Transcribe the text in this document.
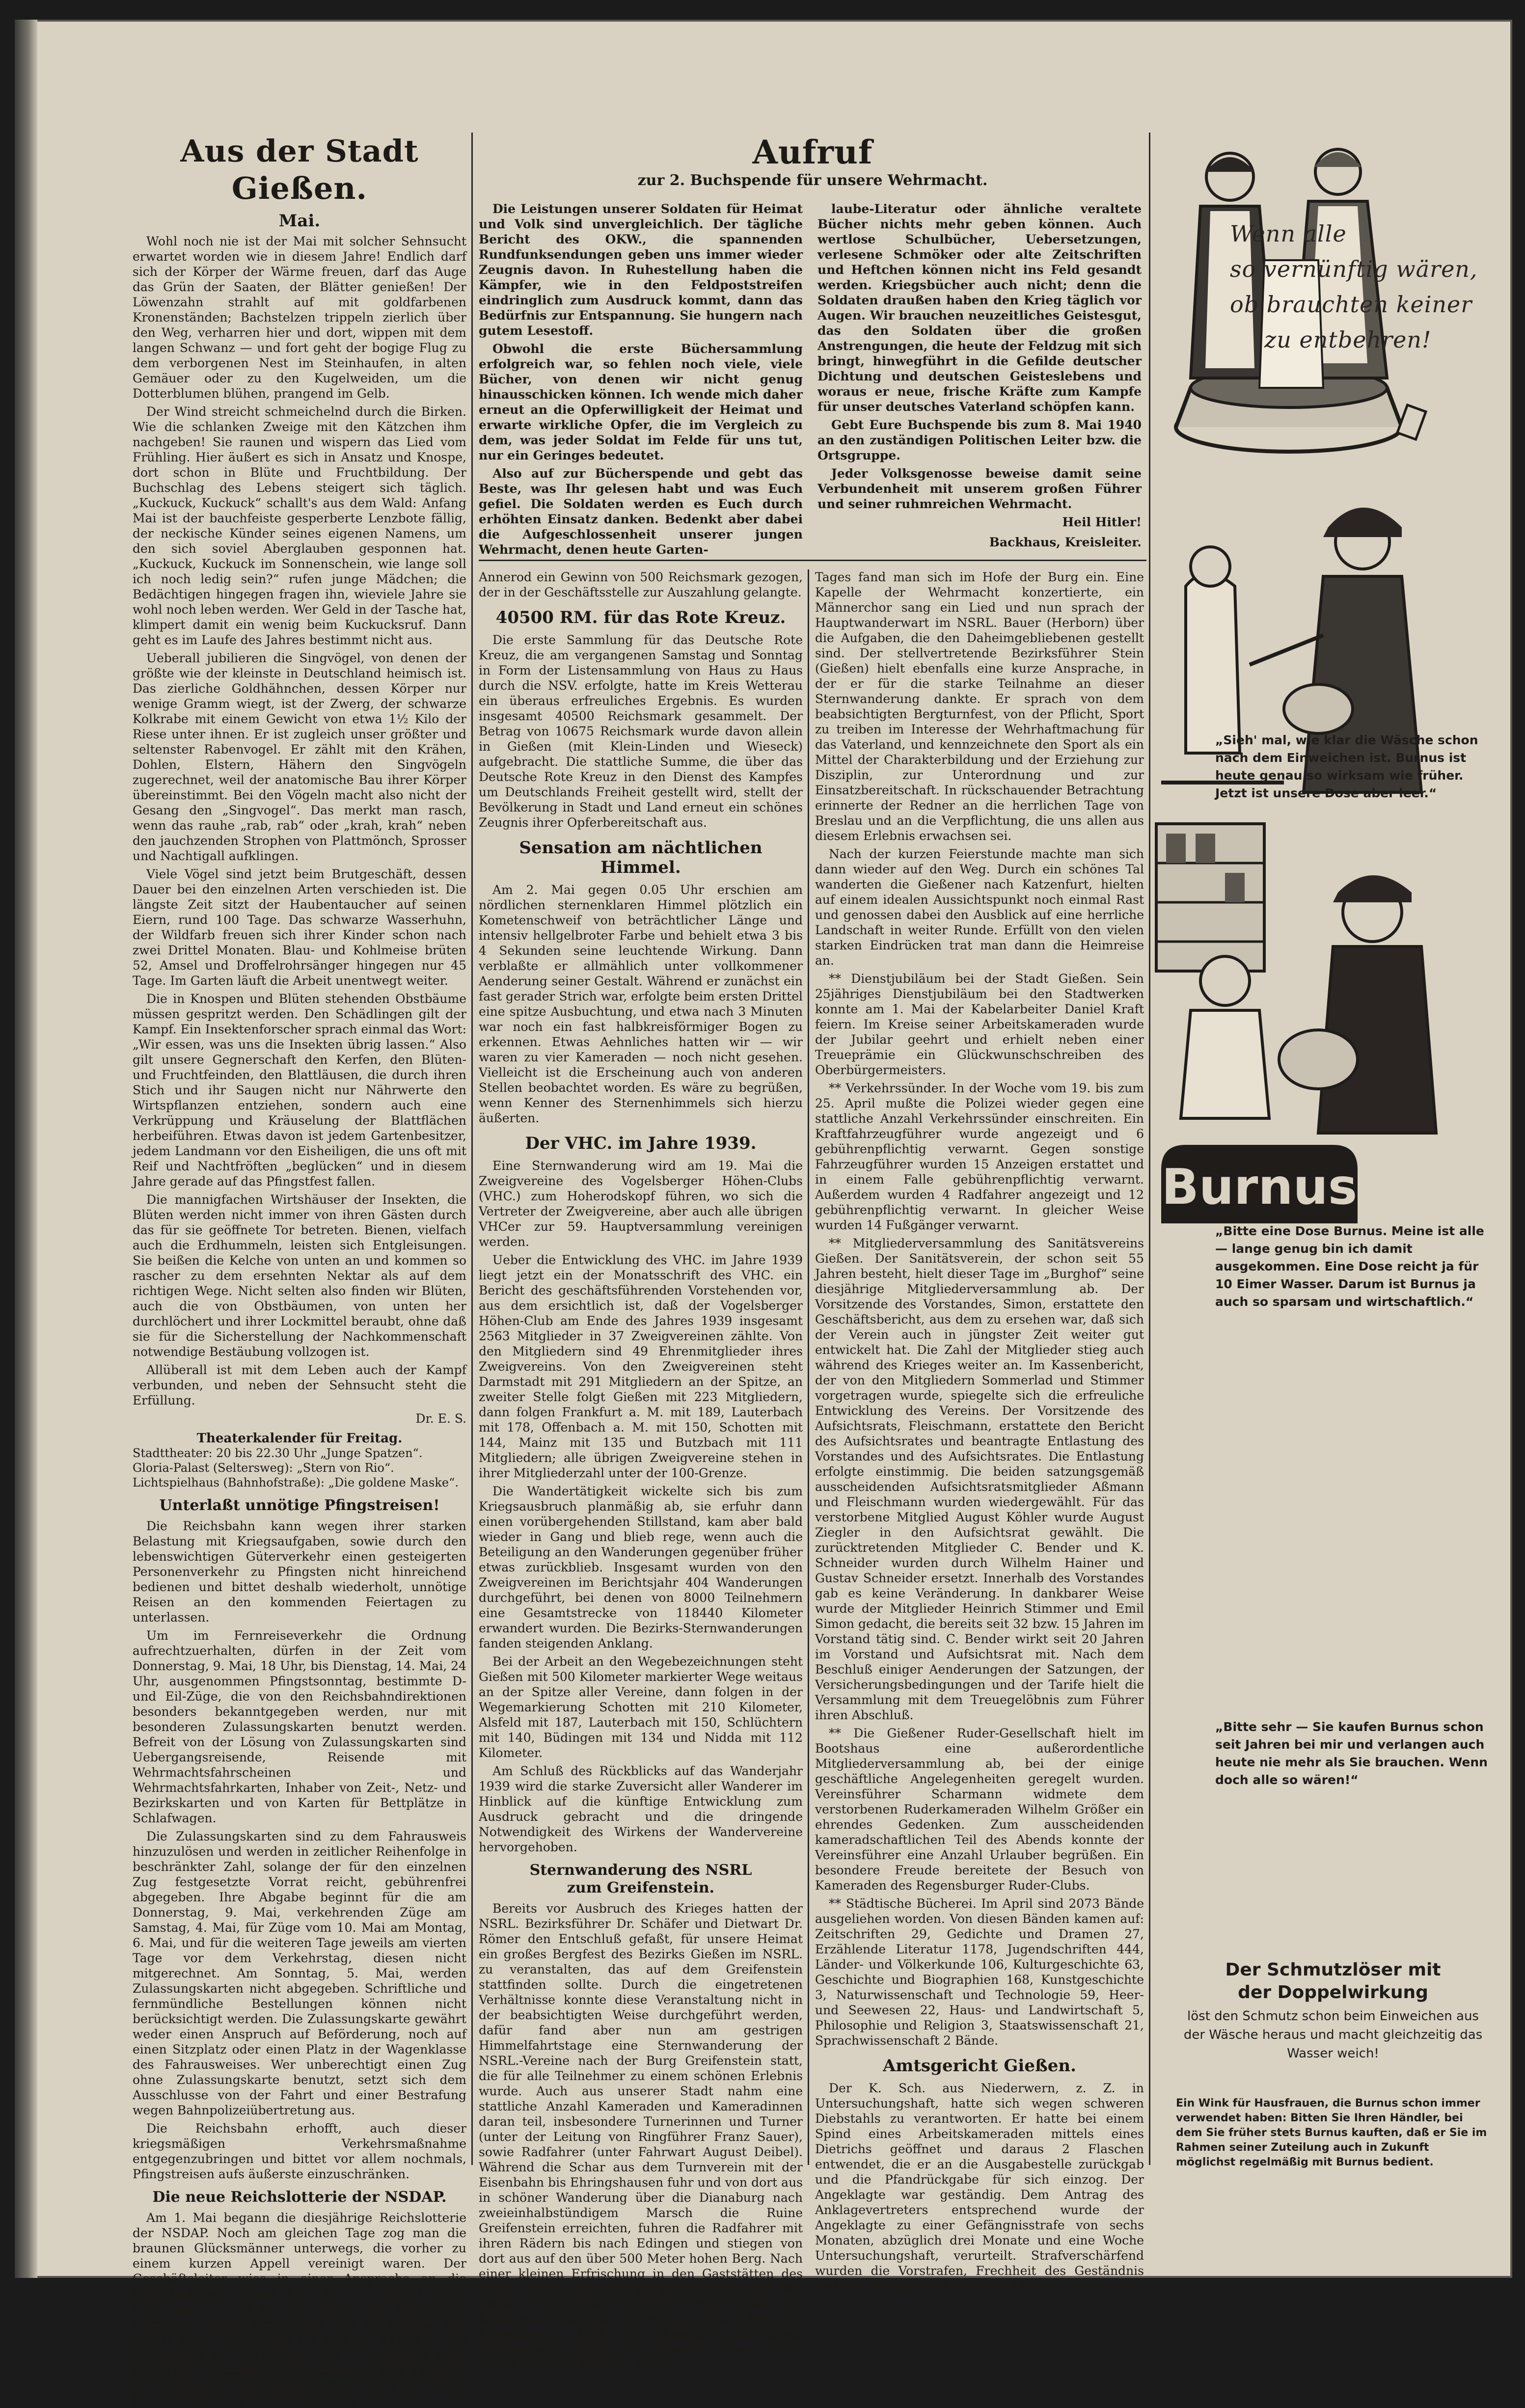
Aus der Stadt Gießen.
Mai.

Wohl noch nie ist der Mai mit solcher Sehnsucht erwartet worden wie in diesem Jahre! Endlich darf sich der Körper der Wärme freuen, darf das Auge das Grün der Saaten, der Blätter genießen! Der Löwenzahn strahlt auf mit goldfarbenen Kronenständen; Bachstelzen trippeln zierlich über den Weg, verharren hier und dort, wippen mit dem langen Schwanz — und fort geht der bogige Flug zu dem verborgenen Nest im Steinhaufen, in alten Gemäuer oder zu den Kugelweiden, um die Dotterblumen blühen, prangend im Gelb.

Der Wind streicht schmeichelnd durch die Birken. Wie die schlanken Zweige mit den Kätzchen ihm nachgeben! Sie raunen und wispern das Lied vom Frühling. Hier äußert es sich in Ansatz und Knospe, dort schon in Blüte und Fruchtbildung. Der Buchschlag des Lebens steigert sich täglich. „Kuckuck, Kuckuck“ schallt's aus dem Wald: Anfang Mai ist der bauchfeiste gesperberte Lenzbote fällig, der neckische Künder seines eigenen Namens, um den sich soviel Aberglauben gesponnen hat. „Kuckuck, Kuckuck im Sonnenschein, wie lange soll ich noch ledig sein?“ rufen junge Mädchen; die Bedächtigen hingegen fragen ihn, wieviele Jahre sie wohl noch leben werden. Wer Geld in der Tasche hat, klimpert damit ein wenig beim Kuckucksruf. Dann geht es im Laufe des Jahres bestimmt nicht aus.

Ueberall jubilieren die Singvögel, von denen der größte wie der kleinste in Deutschland heimisch ist. Das zierliche Goldhähnchen, dessen Körper nur wenige Gramm wiegt, ist der Zwerg, der schwarze Kolkrabe mit einem Gewicht von etwa 1½ Kilo der Riese unter ihnen. Er ist zugleich unser größter und seltenster Rabenvogel. Er zählt mit den Krähen, Dohlen, Elstern, Hähern den Singvögeln zugerechnet, weil der anatomische Bau ihrer Körper übereinstimmt. Bei den Vögeln macht also nicht der Gesang den „Singvogel“. Das merkt man rasch, wenn das rauhe „rab, rab“ oder „krah, krah“ neben den jauchzenden Strophen von Plattmönch, Sprosser und Nachtigall aufklingen.

Viele Vögel sind jetzt beim Brutgeschäft, dessen Dauer bei den einzelnen Arten verschieden ist. Die längste Zeit sitzt der Haubentaucher auf seinen Eiern, rund 100 Tage. Das schwarze Wasserhuhn, der Wildfarb freuen sich ihrer Kinder schon nach zwei Drittel Monaten. Blau- und Kohlmeise brüten 52, Amsel und Droffelrohrsänger hingegen nur 45 Tage. Im Garten läuft die Arbeit unentwegt weiter.

Die in Knospen und Blüten stehenden Obstbäume müssen gespritzt werden. Den Schädlingen gilt der Kampf. Ein Insektenforscher sprach einmal das Wort: „Wir essen, was uns die Insekten übrig lassen.“ Also gilt unsere Gegnerschaft den Kerfen, den Blüten- und Fruchtfeinden, den Blattläusen, die durch ihren Stich und ihr Saugen nicht nur Nährwerte den Wirtspflanzen entziehen, sondern auch eine Verkrüppung und Kräuselung der Blattflächen herbeiführen. Etwas davon ist jedem Gartenbesitzer, jedem Landmann vor den Eisheiligen, die uns oft mit Reif und Nachtfröften „beglücken“ und in diesem Jahre gerade auf das Pfingstfest fallen.

Die mannigfachen Wirtshäuser der Insekten, die Blüten werden nicht immer von ihren Gästen durch das für sie geöffnete Tor betreten. Bienen, vielfach auch die Erdhummeln, leisten sich Entgleisungen. Sie beißen die Kelche von unten an und kommen so rascher zu dem ersehnten Nektar als auf dem richtigen Wege. Nicht selten also finden wir Blüten, auch die von Obstbäumen, von unten her durchlöchert und ihrer Lockmittel beraubt, ohne daß sie für die Sicherstellung der Nachkommenschaft notwendige Bestäubung vollzogen ist.

Allüberall ist mit dem Leben auch der Kampf verbunden, und neben der Sehnsucht steht die Erfüllung.

Dr. E. S.
Theaterkalender für Freitag.

Stadttheater: 20 bis 22.30 Uhr „Junge Spatzen“.

Gloria-Palast (Seltersweg): „Stern von Rio“.

Lichtspielhaus (Bahnhofstraße): „Die goldene Maske“.

Unterlaßt unnötige Pfingstreisen!

Die Reichsbahn kann wegen ihrer starken Belastung mit Kriegsaufgaben, sowie durch den lebenswichtigen Güterverkehr einen gesteigerten Personenverkehr zu Pfingsten nicht hinreichend bedienen und bittet deshalb wiederholt, unnötige Reisen an den kommenden Feiertagen zu unterlassen.

Um im Fernreiseverkehr die Ordnung aufrechtzuerhalten, dürfen in der Zeit vom Donnerstag, 9. Mai, 18 Uhr, bis Dienstag, 14. Mai, 24 Uhr, ausgenommen Pfingstsonntag, bestimmte D- und Eil-Züge, die von den Reichsbahndirektionen besonders bekanntgegeben werden, nur mit besonderen Zulassungskarten benutzt werden. Befreit von der Lösung von Zulassungskarten sind Uebergangsreisende, Reisende mit Wehrmachtsfahrscheinen und Wehrmachtsfahrkarten, Inhaber von Zeit-, Netz- und Bezirkskarten und von Karten für Bettplätze in Schlafwagen.

Die Zulassungskarten sind zu dem Fahrausweis hinzuzulösen und werden in zeitlicher Reihenfolge in beschränkter Zahl, solange der für den einzelnen Zug festgesetzte Vorrat reicht, gebührenfrei abgegeben. Ihre Abgabe beginnt für die am Donnerstag, 9. Mai, verkehrenden Züge am Samstag, 4. Mai, für Züge vom 10. Mai am Montag, 6. Mai, und für die weiteren Tage jeweils am vierten Tage vor dem Verkehrstag, diesen nicht mitgerechnet. Am Sonntag, 5. Mai, werden Zulassungskarten nicht abgegeben. Schriftliche und fernmündliche Bestellungen können nicht berücksichtigt werden. Die Zulassungskarte gewährt weder einen Anspruch auf Beförderung, noch auf einen Sitzplatz oder einen Platz in der Wagenklasse des Fahrausweises. Wer unberechtigt einen Zug ohne Zulassungskarte benutzt, setzt sich dem Ausschlusse von der Fahrt und einer Bestrafung wegen Bahnpolizeiübertretung aus.

Die Reichsbahn erhofft, auch dieser kriegsmäßigen Verkehrsmaßnahme entgegenzubringen und bittet vor allem nochmals, Pfingstreisen aufs äußerste einzuschränken.

Die neue Reichslotterie der NSDAP.

Am 1. Mai begann die diesjährige Reichslotterie der NSDAP. Noch am gleichen Tage zog man die braunen Glücksmänner unterwegs, die vorher zu einem kurzen Appell vereinigt waren. Der Geschäftsleiter wies in einer Ansprache an die Glücksmänner darauf hin, daß es Pflicht jedes einzelnen sei, sich für den Absatz der Kriegshilfs-Losbriefe ebenso einzusetzen, wie es draußen der Soldat unter dem Einsatz von Blut und Leben für die Gesamtheit des Vaterlandes tue. Unmittelbar nach dem Appell nahmen die Glücksmänner ihre Tätigkeit auf. Schon im Laufe dieses ersten Tages der neuen Reichslotterie der NSDAP. wurde in

Aufruf
zur 2. Buchspende für unsere Wehrmacht.

Die Leistungen unserer Soldaten für Heimat und Volk sind unvergleichlich. Der tägliche Bericht des OKW., die spannenden Rundfunksendungen geben uns immer wieder Zeugnis davon. In Ruhestellung haben die Kämpfer, wie in den Feldpoststreifen eindringlich zum Ausdruck kommt, dann das Bedürfnis zur Entspannung. Sie hungern nach gutem Lesestoff.

Obwohl die erste Büchersammlung erfolgreich war, so fehlen noch viele, viele Bücher, von denen wir nicht genug hinausschicken können. Ich wende mich daher erneut an die Opferwilligkeit der Heimat und erwarte wirkliche Opfer, die im Vergleich zu dem, was jeder Soldat im Felde für uns tut, nur ein Geringes bedeutet.

Also auf zur Bücherspende und gebt das Beste, was Ihr gelesen habt und was Euch gefiel. Die Soldaten werden es Euch durch erhöhten Einsatz danken. Bedenkt aber dabei die Aufgeschlossenheit unserer jungen Wehrmacht, denen heute Garten-

laube-Literatur oder ähnliche veraltete Bücher nichts mehr geben können. Auch wertlose Schulbücher, Uebersetzungen, verlesene Schmöker oder alte Zeitschriften und Heftchen können nicht ins Feld gesandt werden. Kriegsbücher auch nicht; denn die Soldaten draußen haben den Krieg täglich vor Augen. Wir brauchen neuzeitliches Geistesgut, das den Soldaten über die großen Anstrengungen, die heute der Feldzug mit sich bringt, hinwegführt in die Gefilde deutscher Dichtung und deutschen Geisteslebens und woraus er neue, frische Kräfte zum Kampfe für unser deutsches Vaterland schöpfen kann.

Gebt Eure Buchspende bis zum 8. Mai 1940 an den zuständigen Politischen Leiter bzw. die Ortsgruppe.

Jeder Volksgenosse beweise damit seine Verbundenheit mit unserem großen Führer und seiner ruhmreichen Wehrmacht.

Heil Hitler!
Backhaus, Kreisleiter.

Annerod ein Gewinn von 500 Reichsmark gezogen, der in der Geschäftsstelle zur Auszahlung gelangte.

40500 RM. für das Rote Kreuz.

Die erste Sammlung für das Deutsche Rote Kreuz, die am vergangenen Samstag und Sonntag in Form der Listensammlung von Haus zu Haus durch die NSV. erfolgte, hatte im Kreis Wetterau ein überaus erfreuliches Ergebnis. Es wurden insgesamt 40500 Reichsmark gesammelt. Der Betrag von 10675 Reichsmark wurde davon allein in Gießen (mit Klein-Linden und Wieseck) aufgebracht. Die stattliche Summe, die über das Deutsche Rote Kreuz in den Dienst des Kampfes um Deutschlands Freiheit gestellt wird, stellt der Bevölkerung in Stadt und Land erneut ein schönes Zeugnis ihrer Opferbereitschaft aus.

Sensation am nächtlichen Himmel.

Am 2. Mai gegen 0.05 Uhr erschien am nördlichen sternenklaren Himmel plötzlich ein Kometenschweif von beträchtlicher Länge und intensiv hellgelbroter Farbe und behielt etwa 3 bis 4 Sekunden seine leuchtende Wirkung. Dann verblaßte er allmählich unter vollkommener Aenderung seiner Gestalt. Während er zunächst ein fast gerader Strich war, erfolgte beim ersten Drittel eine spitze Ausbuchtung, und etwa nach 3 Minuten war noch ein fast halbkreisförmiger Bogen zu erkennen. Etwas Aehnliches hatten wir — wir waren zu vier Kameraden — noch nicht gesehen. Vielleicht ist die Erscheinung auch von anderen Stellen beobachtet worden. Es wäre zu begrüßen, wenn Kenner des Sternenhimmels sich hierzu äußerten.

Der VHC. im Jahre 1939.

Eine Sternwanderung wird am 19. Mai die Zweigvereine des Vogelsberger Höhen-Clubs (VHC.) zum Hoherodskopf führen, wo sich die Vertreter der Zweigvereine, aber auch alle übrigen VHCer zur 59. Hauptversammlung vereinigen werden.

Ueber die Entwicklung des VHC. im Jahre 1939 liegt jetzt ein der Monatsschrift des VHC. ein Bericht des geschäftsführenden Vorstehenden vor, aus dem ersichtlich ist, daß der Vogelsberger Höhen-Club am Ende des Jahres 1939 insgesamt 2563 Mitglieder in 37 Zweigvereinen zählte. Von den Mitgliedern sind 49 Ehrenmitglieder ihres Zweigvereins. Von den Zweigvereinen steht Darmstadt mit 291 Mitgliedern an der Spitze, an zweiter Stelle folgt Gießen mit 223 Mitgliedern, dann folgen Frankfurt a. M. mit 189, Lauterbach mit 178, Offenbach a. M. mit 150, Schotten mit 144, Mainz mit 135 und Butzbach mit 111 Mitgliedern; alle übrigen Zweigvereine stehen in ihrer Mitgliederzahl unter der 100-Grenze.

Die Wandertätigkeit wickelte sich bis zum Kriegsausbruch planmäßig ab, sie erfuhr dann einen vorübergehenden Stillstand, kam aber bald wieder in Gang und blieb rege, wenn auch die Beteiligung an den Wanderungen gegenüber früher etwas zurückblieb. Insgesamt wurden von den Zweigvereinen im Berichtsjahr 404 Wanderungen durchgeführt, bei denen von 8000 Teilnehmern eine Gesamtstrecke von 118440 Kilometer erwandert wurden. Die Bezirks-Sternwanderungen fanden steigenden Anklang.

Bei der Arbeit an den Wegebezeichnungen steht Gießen mit 500 Kilometer markierter Wege weitaus an der Spitze aller Vereine, dann folgen in der Wegemarkierung Schotten mit 210 Kilometer, Alsfeld mit 187, Lauterbach mit 150, Schlüchtern mit 140, Büdingen mit 134 und Nidda mit 112 Kilometer.

Am Schluß des Rückblicks auf das Wanderjahr 1939 wird die starke Zuversicht aller Wanderer im Hinblick auf die künftige Entwicklung zum Ausdruck gebracht und die dringende Notwendigkeit des Wirkens der Wandervereine hervorgehoben.

Sternwanderung des NSRL
zum Greifenstein.

Bereits vor Ausbruch des Krieges hatten der NSRL. Bezirksführer Dr. Schäfer und Dietwart Dr. Römer den Entschluß gefaßt, für unsere Heimat ein großes Bergfest des Bezirks Gießen im NSRL. zu veranstalten, das auf dem Greifenstein stattfinden sollte. Durch die eingetretenen Verhältnisse konnte diese Veranstaltung nicht in der beabsichtigten Weise durchgeführt werden, dafür fand aber nun am gestrigen Himmelfahrtstage eine Sternwanderung der NSRL.-Vereine nach der Burg Greifenstein statt, die für alle Teilnehmer zu einem schönen Erlebnis wurde. Auch aus unserer Stadt nahm eine stattliche Anzahl Kameraden und Kameradinnen daran teil, insbesondere Turnerinnen und Turner (unter der Leitung von Ringführer Franz Sauer), sowie Radfahrer (unter Fahrwart August Deibel). Während die Schar aus dem Turnverein mit der Eisenbahn bis Ehringshausen fuhr und von dort aus in schöner Wanderung über die Dianaburg nach zweieinhalbstündigem Marsch die Ruine Greifenstein erreichten, fuhren die Radfahrer mit ihren Rädern bis nach Edingen und stiegen von dort aus auf den über 500 Meter hohen Berg. Nach einer kleinen Erfrischung in den Gaststätten des Ortes wurde dann die Burgruine besichtigt. Mit vielem Vergnügen kletterte man über die Mauerreste und ging durch die alten schütteren Kasematten. Auch die Kapelle mit ihrem überreichen barocken Stuckverzierungen wurde besichtigt. Zum Höhepunkt des

Tages fand man sich im Hofe der Burg ein. Eine Kapelle der Wehrmacht konzertierte, ein Männerchor sang ein Lied und nun sprach der Hauptwanderwart im NSRL. Bauer (Herborn) über die Aufgaben, die den Daheimgebliebenen gestellt sind. Der stellvertretende Bezirksführer Stein (Gießen) hielt ebenfalls eine kurze Ansprache, in der er für die starke Teilnahme an dieser Sternwanderung dankte. Er sprach von dem beabsichtigten Bergturnfest, von der Pflicht, Sport zu treiben im Interesse der Wehrhaftmachung für das Vaterland, und kennzeichnete den Sport als ein Mittel der Charakterbildung und der Erziehung zur Disziplin, zur Unterordnung und zur Einsatzbereitschaft. In rückschauender Betrachtung erinnerte der Redner an die herrlichen Tage von Breslau und an die Verpflichtung, die uns allen aus diesem Erlebnis erwachsen sei.

Nach der kurzen Feierstunde machte man sich dann wieder auf den Weg. Durch ein schönes Tal wanderten die Gießener nach Katzenfurt, hielten auf einem idealen Aussichtspunkt noch einmal Rast und genossen dabei den Ausblick auf eine herrliche Landschaft in weiter Runde. Erfüllt von den vielen starken Eindrücken trat man dann die Heimreise an.

** Dienstjubiläum bei der Stadt Gießen. Sein 25jähriges Dienstjubiläum bei den Stadtwerken konnte am 1. Mai der Kabelarbeiter Daniel Kraft feiern. Im Kreise seiner Arbeitskameraden wurde der Jubilar geehrt und erhielt neben einer Treueprämie ein Glückwunschschreiben des Oberbürgermeisters.

** Verkehrssünder. In der Woche vom 19. bis zum 25. April mußte die Polizei wieder gegen eine stattliche Anzahl Verkehrssünder einschreiten. Ein Kraftfahrzeugführer wurde angezeigt und 6 gebührenpflichtig verwarnt. Gegen sonstige Fahrzeugführer wurden 15 Anzeigen erstattet und in einem Falle gebührenpflichtig verwarnt. Außerdem wurden 4 Radfahrer angezeigt und 12 gebührenpflichtig verwarnt. In gleicher Weise wurden 14 Fußgänger verwarnt.

** Mitgliederversammlung des Sanitätsvereins Gießen. Der Sanitätsverein, der schon seit 55 Jahren besteht, hielt dieser Tage im „Burghof“ seine diesjährige Mitgliederversammlung ab. Der Vorsitzende des Vorstandes, Simon, erstattete den Geschäftsbericht, aus dem zu ersehen war, daß sich der Verein auch in jüngster Zeit weiter gut entwickelt hat. Die Zahl der Mitglieder stieg auch während des Krieges weiter an. Im Kassenbericht, der von den Mitgliedern Sommerlad und Stimmer vorgetragen wurde, spiegelte sich die erfreuliche Entwicklung des Vereins. Der Vorsitzende des Aufsichtsrats, Fleischmann, erstattete den Bericht des Aufsichtsrates und beantragte Entlastung des Vorstandes und des Aufsichtsrates. Die Entlastung erfolgte einstimmig. Die beiden satzungsgemäß ausscheidenden Aufsichtsratsmitglieder Aßmann und Fleischmann wurden wiedergewählt. Für das verstorbene Mitglied August Köhler wurde August Ziegler in den Aufsichtsrat gewählt. Die zurücktretenden Mitglieder C. Bender und K. Schneider wurden durch Wilhelm Hainer und Gustav Schneider ersetzt. Innerhalb des Vorstandes gab es keine Veränderung. In dankbarer Weise wurde der Mitglieder Heinrich Stimmer und Emil Simon gedacht, die bereits seit 32 bzw. 15 Jahren im Vorstand tätig sind. C. Bender wirkt seit 20 Jahren im Vorstand und Aufsichtsrat mit. Nach dem Beschluß einiger Aenderungen der Satzungen, der Versicherungsbedingungen und der Tarife hielt die Versammlung mit dem Treuegelöbnis zum Führer ihren Abschluß.

** Die Gießener Ruder-Gesellschaft hielt im Bootshaus eine außerordentliche Mitgliederversammlung ab, bei der einige geschäftliche Angelegenheiten geregelt wurden. Vereinsführer Scharmann widmete dem verstorbenen Ruderkameraden Wilhelm Größer ein ehrendes Gedenken. Zum ausscheidenden kameradschaftlichen Teil des Abends konnte der Vereinsführer eine Anzahl Urlauber begrüßen. Ein besondere Freude bereitete der Besuch von Kameraden des Regensburger Ruder-Clubs.

** Städtische Bücherei. Im April sind 2073 Bände ausgeliehen worden. Von diesen Bänden kamen auf: Zeitschriften 29, Gedichte und Dramen 27, Erzählende Literatur 1178, Jugendschriften 444, Länder- und Völkerkunde 106, Kulturgeschichte 63, Geschichte und Biographien 168, Kunstgeschichte 3, Naturwissenschaft und Technologie 59, Heer- und Seewesen 22, Haus- und Landwirtschaft 5, Philosophie und Religion 3, Staatswissenschaft 21, Sprachwissenschaft 2 Bände.

Amtsgericht Gießen.

Der K. Sch. aus Niederwern, z. Z. in Untersuchungshaft, hatte sich wegen schweren Diebstahls zu verantworten. Er hatte bei einem Spind eines Arbeitskameraden mittels eines Dietrichs geöffnet und daraus 2 Flaschen entwendet, die er an die Ausgabestelle zurückgab und die Pfandrückgabe für sich einzog. Der Angeklagte war geständig. Dem Antrag des Anklagevertreters entsprechend wurde der Angeklagte zu einer Gefängnisstrafe von sechs Monaten, abzüglich drei Monate und eine Woche Untersuchungshaft, verurteilt. Strafverschärfend wurden die Vorstrafen, Frechheit des Geständnis und der geringe Wert berücksichtigt.

Wenn alle
so vernünftig wären,
ob brauchten keiner
zu entbehren!

„Sieh' mal, wie klar die Wäsche schon nach dem Einweichen ist. Burnus ist heute genau so wirksam wie früher. Jetzt ist unsere Dose aber leer.“

„Bitte eine Dose Burnus. Meine ist alle — lange genug bin ich damit ausgekommen. Eine Dose reicht ja für 10 Eimer Wasser. Darum ist Burnus ja auch so sparsam und wirtschaftlich.“

„Bitte sehr — Sie kaufen Burnus schon seit Jahren bei mir und verlangen auch heute nie mehr als Sie brauchen. Wenn doch alle so wären!“
Burnus
Der Schmutzlöser mit
der Doppelwirkung
löst den Schmutz schon beim Einweichen aus der Wäsche heraus und macht gleichzeitig das Wasser weich!
Ein Wink für Hausfrauen, die Burnus schon immer verwendet haben: Bitten Sie Ihren Händler, bei dem Sie früher stets Burnus kauften, daß er Sie im Rahmen seiner Zuteilung auch in Zukunft möglichst regelmäßig mit Burnus bedient.
